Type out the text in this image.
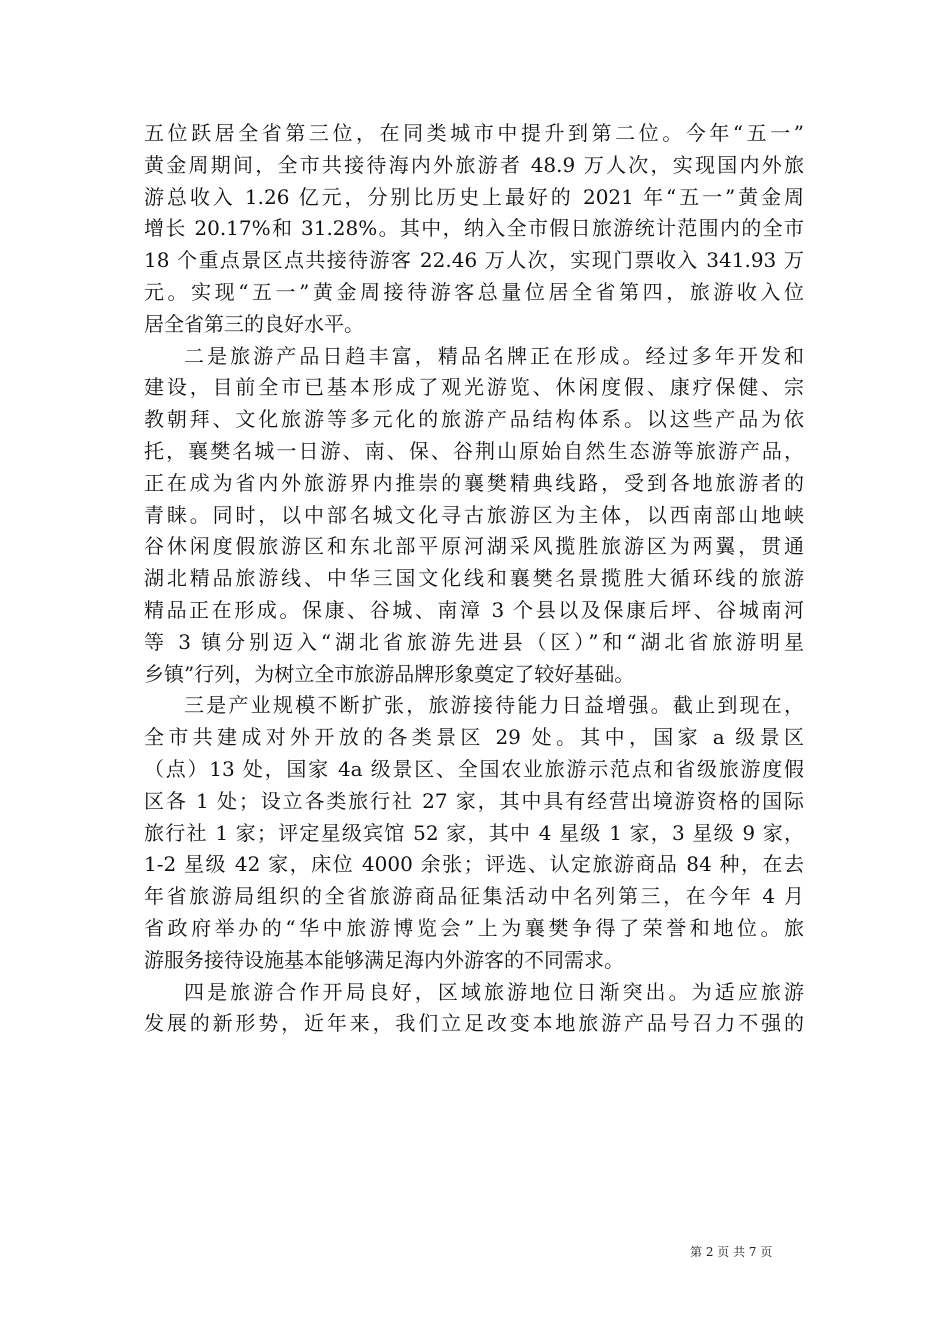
五位跃居全省第三位，在同类城市中提升到第二位。今年“五一”
黄金周期间，全市共接待海内外旅游者 48.9 万人次，实现国内外旅
游总收入 1.26 亿元，分别比历史上最好的 2021 年“五一”黄金周
增长 20.17%和 31.28%。其中，纳入全市假日旅游统计范围内的全市
18 个重点景区点共接待游客 22.46 万人次，实现门票收入 341.93 万
元。实现“五一”黄金周接待游客总量位居全省第四，旅游收入位
居全省第三的良好水平。

二是旅游产品日趋丰富，精品名牌正在形成。经过多年开发和
建设，目前全市已基本形成了观光游览、休闲度假、康疗保健、宗
教朝拜、文化旅游等多元化的旅游产品结构体系。以这些产品为依
托，襄樊名城一日游、南、保、谷荆山原始自然生态游等旅游产品，
正在成为省内外旅游界内推崇的襄樊精典线路，受到各地旅游者的
青睐。同时，以中部名城文化寻古旅游区为主体，以西南部山地峡
谷休闲度假旅游区和东北部平原河湖采风揽胜旅游区为两翼，贯通
湖北精品旅游线、中华三国文化线和襄樊名景揽胜大循环线的旅游
精品正在形成。保康、谷城、南漳 3 个县以及保康后坪、谷城南河
等 3 镇分别迈入“湖北省旅游先进县（区）”和“湖北省旅游明星
乡镇”行列，为树立全市旅游品牌形象奠定了较好基础。

三是产业规模不断扩张，旅游接待能力日益增强。截止到现在，
全市共建成对外开放的各类景区 29 处。其中，国家 a 级景区
（点）13 处，国家 4a 级景区、全国农业旅游示范点和省级旅游度假
区各 1 处；设立各类旅行社 27 家，其中具有经营出境游资格的国际
旅行社 1 家；评定星级宾馆 52 家，其中 4 星级 1 家，3 星级 9 家，
1-2 星级 42 家，床位 4000 余张；评选、认定旅游商品 84 种，在去
年省旅游局组织的全省旅游商品征集活动中名列第三，在今年 4 月
省政府举办的“华中旅游博览会”上为襄樊争得了荣誉和地位。旅
游服务接待设施基本能够满足海内外游客的不同需求。

四是旅游合作开局良好，区域旅游地位日渐突出。为适应旅游
发展的新形势，近年来，我们立足改变本地旅游产品号召力不强的

第 2 页 共 7 页
